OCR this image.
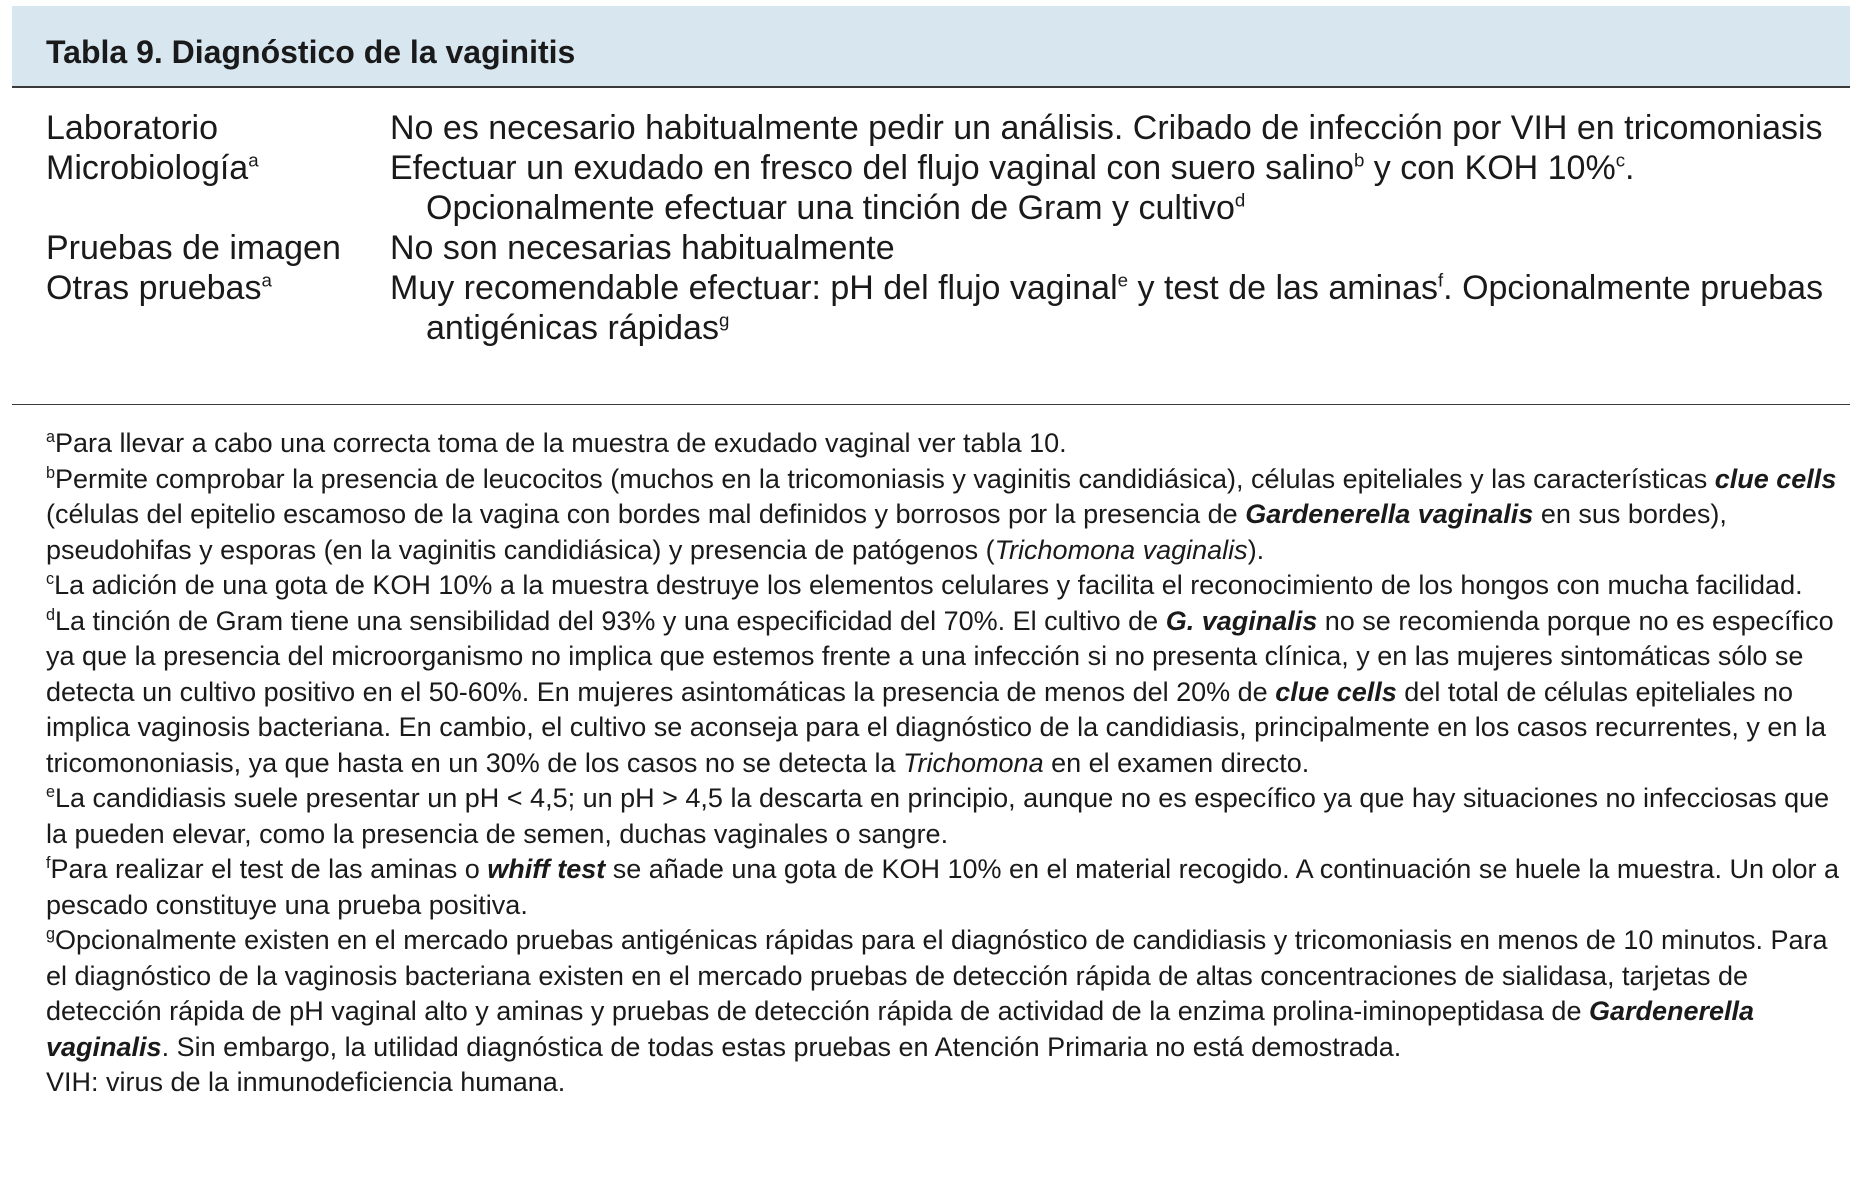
Tabla 9. Diagnóstico de la vaginitis
Laboratorio	No es necesario habitualmente pedir un análisis. Cribado de infección por VIH en tricomoniasis
Microbiología$^a$	Efectuar un exudado en fresco del flujo vaginal con suero salino$^b$ y con KOH 10%$^c$. Opcionalmente efectuar una tinción de Gram y cultivo$^d$
Pruebas de imagen	No son necesarias habitualmente
Otras pruebas$^a$	Muy recomendable efectuar: pH del flujo vaginal$^e$ y test de las aminas$^f$. Opcionalmente pruebas antigénicas rápidas$^g$
$^a$Para llevar a cabo una correcta toma de la muestra de exudado vaginal ver tabla 10.
$^b$Permite comprobar la presencia de leucocitos (muchos en la tricomoniasis y vaginitis candidiásica), células epiteliales y las características clue cells (células del epitelio escamoso de la vagina con bordes mal definidos y borrosos por la presencia de Gardenerella vaginalis en sus bordes), pseudohifas y esporas (en la vaginitis candidiásica) y presencia de patógenos (Trichomona vaginalis).
$^c$La adición de una gota de KOH 10% a la muestra destruye los elementos celulares y facilita el reconocimiento de los hongos con mucha facilidad.
$^d$La tinción de Gram tiene una sensibilidad del 93% y una especificidad del 70%. El cultivo de G. vaginalis no se recomienda porque no es específico ya que la presencia del microorganismo no implica que estemos frente a una infección si no presenta clínica, y en las mujeres sintomáticas sólo se detecta un cultivo positivo en el 50-60%. En mujeres asintomáticas la presencia de menos del 20% de clue cells del total de células epiteliales no implica vaginosis bacteriana. En cambio, el cultivo se aconseja para el diagnóstico de la candidiasis, principalmente en los casos recurrentes, y en la tricomononiasis, ya que hasta en un 30% de los casos no se detecta la Trichomona en el examen directo.
$^e$La candidiasis suele presentar un pH < 4,5; un pH > 4,5 la descarta en principio, aunque no es específico ya que hay situaciones no infecciosas que la pueden elevar, como la presencia de semen, duchas vaginales o sangre.
$^f$Para realizar el test de las aminas o whiff test se añade una gota de KOH 10% en el material recogido. A continuación se huele la muestra. Un olor a pescado constituye una prueba positiva.
$^g$Opcionalmente existen en el mercado pruebas antigénicas rápidas para el diagnóstico de candidiasis y tricomoniasis en menos de 10 minutos. Para el diagnóstico de la vaginosis bacteriana existen en el mercado pruebas de detección rápida de altas concentraciones de sialidasa, tarjetas de detección rápida de pH vaginal alto y aminas y pruebas de detección rápida de actividad de la enzima prolina-iminopeptidasa de Gardenerella vaginalis. Sin embargo, la utilidad diagnóstica de todas estas pruebas en Atención Primaria no está demostrada.
VIH: virus de la inmunodeficiencia humana.
